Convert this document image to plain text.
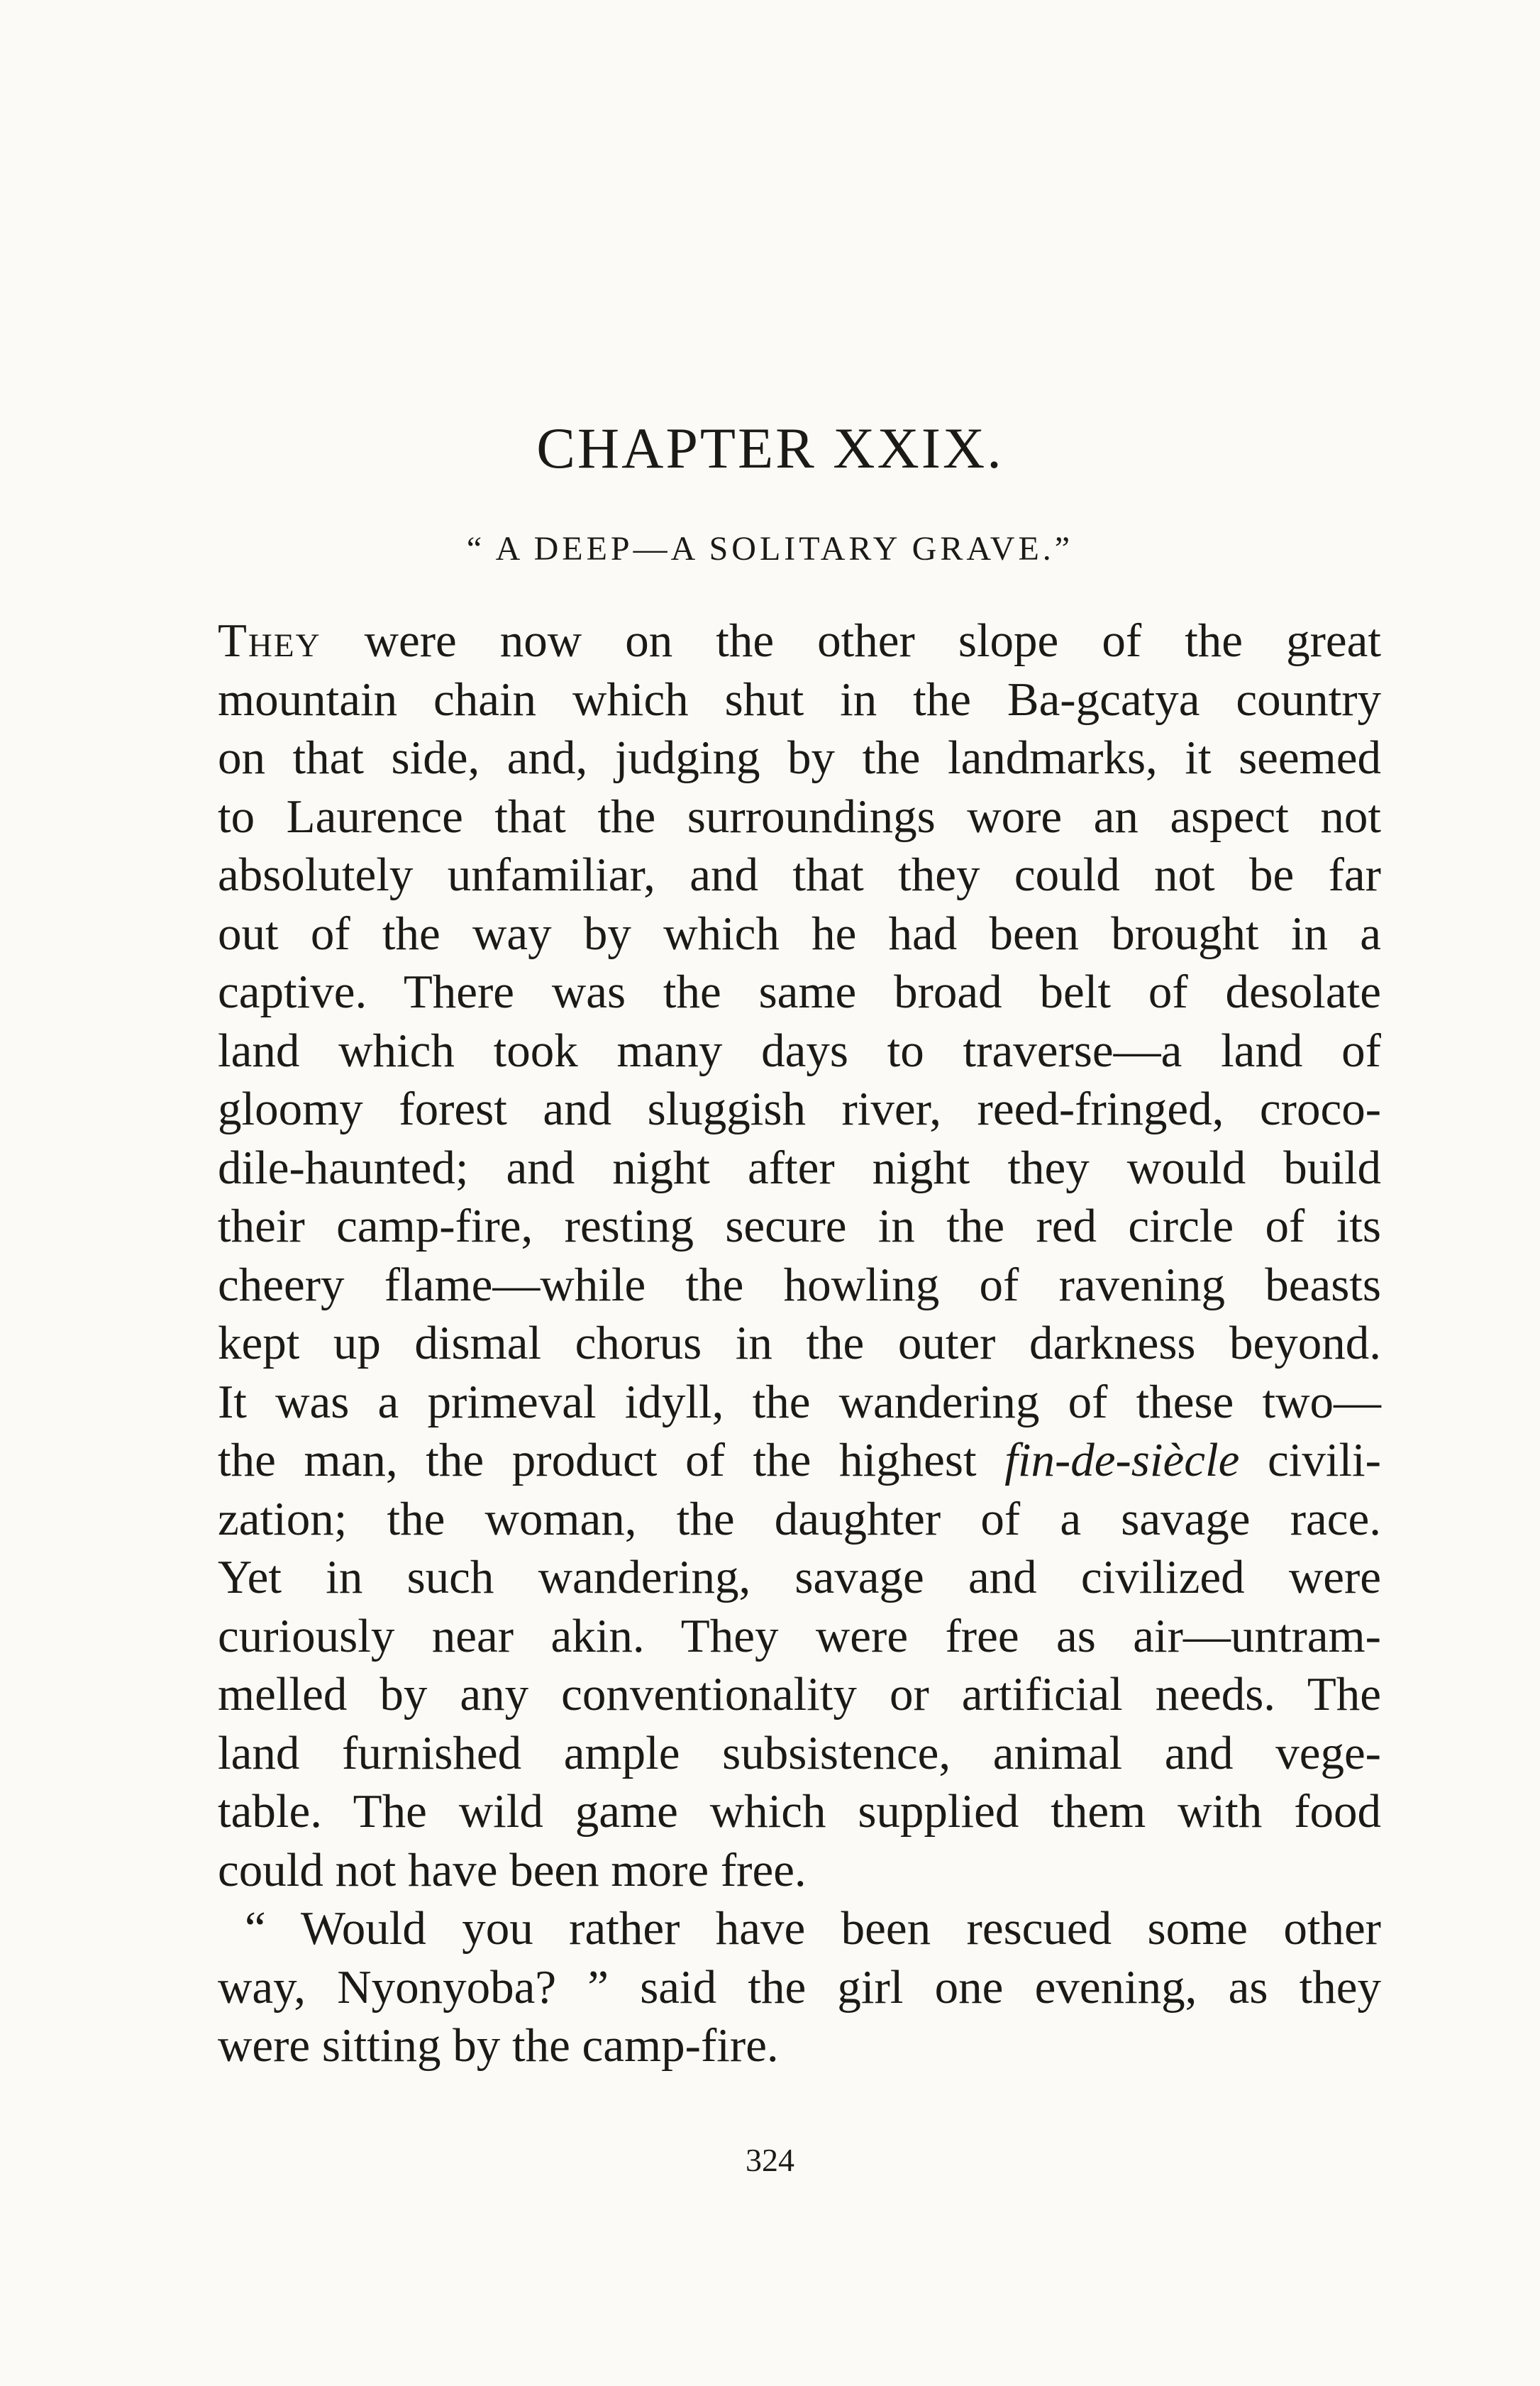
CHAPTER XXIX.
“ A DEEP—A SOLITARY GRAVE.”
They were now on the other slope of the great
mountain chain which shut in the Ba-gcatya country
on that side, and, judging by the landmarks, it seemed
to Laurence that the surroundings wore an aspect not
absolutely unfamiliar, and that they could not be far
out of the way by which he had been brought in a
captive. There was the same broad belt of desolate
land which took many days to traverse—a land of
gloomy forest and sluggish river, reed-fringed, croco-
dile-haunted; and night after night they would build
their camp-fire, resting secure in the red circle of its
cheery flame—while the howling of ravening beasts
kept up dismal chorus in the outer darkness beyond.
It was a primeval idyll, the wandering of these two—
the man, the product of the highest fin-de-siècle civili-
zation; the woman, the daughter of a savage race.
Yet in such wandering, savage and civilized were
curiously near akin. They were free as air—untram-
melled by any conventionality or artificial needs. The
land furnished ample subsistence, animal and vege-
table. The wild game which supplied them with food
could not have been more free.
“ Would you rather have been rescued some other
way, Nyonyoba? ” said the girl one evening, as they
were sitting by the camp-fire.
324
